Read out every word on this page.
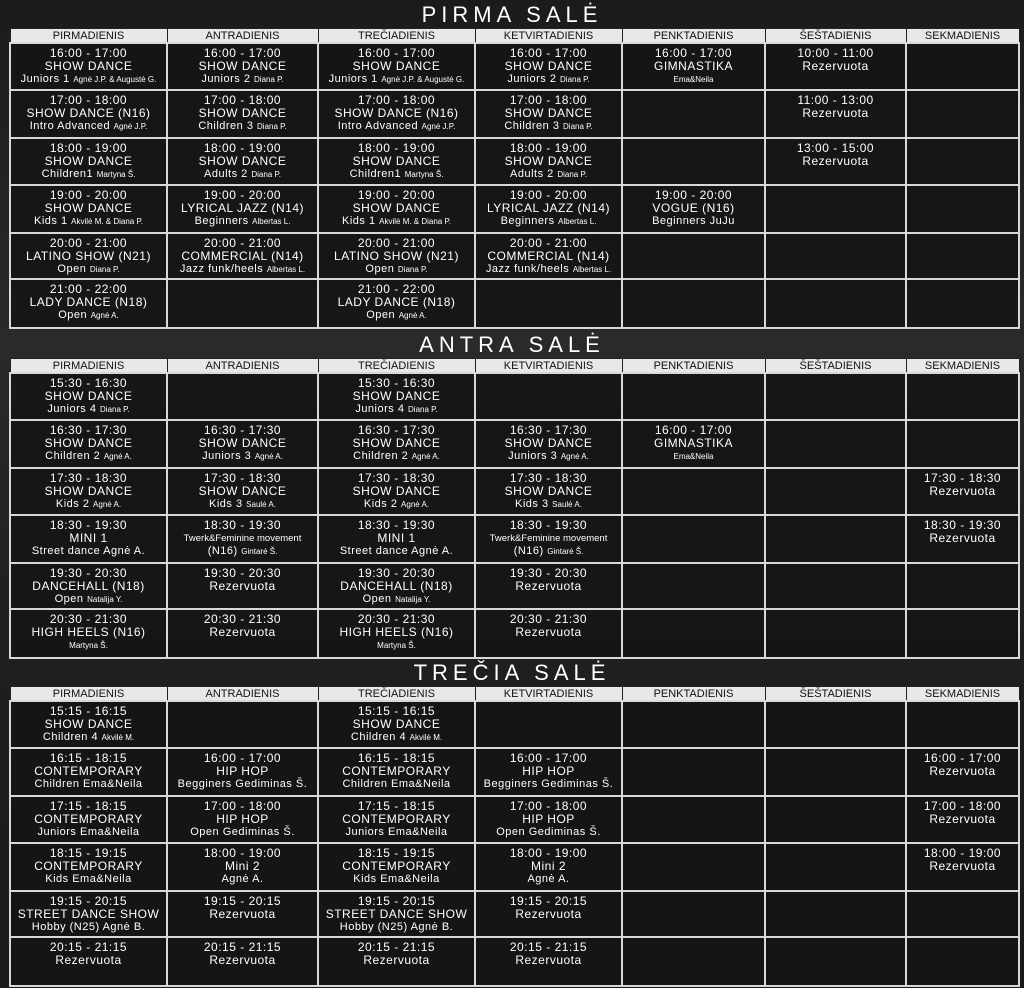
PIRMA SALĖ
PIRMADIENIS	ANTRADIENIS	TREČIADIENIS	KETVIRTADIENIS	PENKTADIENIS	ŠEŠTADIENIS	SEKMADIENIS

16:00 - 17:00
SHOW DANCE
Juniors 1 Agnė J.P. & Augustė G.	16:00 - 17:00
SHOW DANCE
Juniors 2 Diana P.	16:00 - 17:00
SHOW DANCE
Juniors 1 Agnė J.P. & Augustė G.	16:00 - 17:00
SHOW DANCE
Juniors 2 Diana P.	16:00 - 17:00
GIMNASTIKA
Ema&Neila	10:00 - 11:00
Rezervuota	

17:00 - 18:00
SHOW DANCE (N16)
Intro Advanced Agnė J.P.	17:00 - 18:00
SHOW DANCE
Children 3 Diana P.	17:00 - 18:00
SHOW DANCE (N16)
Intro Advanced Agnė J.P.	17:00 - 18:00
SHOW DANCE
Children 3 Diana P.		11:00 - 13:00
Rezervuota	

18:00 - 19:00
SHOW DANCE
Children1 Martyna Š.	18:00 - 19:00
SHOW DANCE
Adults 2 Diana P.	18:00 - 19:00
SHOW DANCE
Children1 Martyna Š.	18:00 - 19:00
SHOW DANCE
Adults 2 Diana P.		13:00 - 15:00
Rezervuota	

19:00 - 20:00
SHOW DANCE
Kids 1 Akvilė M. & Diana P.	19:00 - 20:00
LYRICAL JAZZ (N14)
Beginners Albertas L.	19:00 - 20:00
SHOW DANCE
Kids 1 Akvilė M. & Diana P.	19:00 - 20:00
LYRICAL JAZZ (N14)
Beginners Albertas L.	19:00 - 20:00
VOGUE (N16)
Beginners JuJu		

20:00 - 21:00
LATINO SHOW (N21)
Open Diana P.	20:00 - 21:00
COMMERCIAL (N14)
Jazz funk/heels Albertas L.	20:00 - 21:00
LATINO SHOW (N21)
Open Diana P.	20:00 - 21:00
COMMERCIAL (N14)
Jazz funk/heels Albertas L.			

21:00 - 22:00
LADY DANCE (N18)
Open Agnė A.		21:00 - 22:00
LADY DANCE (N18)
Open Agnė A.				

ANTRA SALĖ
PIRMADIENIS	ANTRADIENIS	TREČIADIENIS	KETVIRTADIENIS	PENKTADIENIS	ŠEŠTADIENIS	SEKMADIENIS

15:30 - 16:30
SHOW DANCE
Juniors 4 Diana P.		15:30 - 16:30
SHOW DANCE
Juniors 4 Diana P.				

16:30 - 17:30
SHOW DANCE
Children 2 Agnė A.	16:30 - 17:30
SHOW DANCE
Juniors 3 Agnė A.	16:30 - 17:30
SHOW DANCE
Children 2 Agnė A.	16:30 - 17:30
SHOW DANCE
Juniors 3 Agnė A.	16:00 - 17:00
GIMNASTIKA
Ema&Neila		

17:30 - 18:30
SHOW DANCE
Kids 2 Agnė A.	17:30 - 18:30
SHOW DANCE
Kids 3 Saulė A.	17:30 - 18:30
SHOW DANCE
Kids 2 Agnė A.	17:30 - 18:30
SHOW DANCE
Kids 3 Saulė A.			17:30 - 18:30
Rezervuota

18:30 - 19:30
MINI 1
Street dance Agnė A.	18:30 - 19:30
Twerk&Feminine movement
(N16) Gintarė Š.	18:30 - 19:30
MINI 1
Street dance Agnė A.	18:30 - 19:30
Twerk&Feminine movement
(N16) Gintarė Š.			18:30 - 19:30
Rezervuota

19:30 - 20:30
DANCEHALL (N18)
Open Natalija Y.	19:30 - 20:30
Rezervuota	19:30 - 20:30
DANCEHALL (N18)
Open Natalija Y.	19:30 - 20:30
Rezervuota			

20:30 - 21:30
HIGH HEELS (N16)
Martyna Š.	20:30 - 21:30
Rezervuota	20:30 - 21:30
HIGH HEELS (N16)
Martyna Š.	20:30 - 21:30
Rezervuota			

TREČIA SALĖ
PIRMADIENIS	ANTRADIENIS	TREČIADIENIS	KETVIRTADIENIS	PENKTADIENIS	ŠEŠTADIENIS	SEKMADIENIS

15:15 - 16:15
SHOW DANCE
Children 4 Akvilė M.		15:15 - 16:15
SHOW DANCE
Children 4 Akvilė M.				

16:15 - 18:15
CONTEMPORARY
Children Ema&Neila	16:00 - 17:00
HIP HOP
Begginers Gediminas Š.	16:15 - 18:15
CONTEMPORARY
Children Ema&Neila	16:00 - 17:00
HIP HOP
Begginers Gediminas Š.			16:00 - 17:00
Rezervuota

17:15 - 18:15
CONTEMPORARY
Juniors Ema&Neila	17:00 - 18:00
HIP HOP
Open Gediminas Š.	17:15 - 18:15
CONTEMPORARY
Juniors Ema&Neila	17:00 - 18:00
HIP HOP
Open Gediminas Š.			17:00 - 18:00
Rezervuota

18:15 - 19:15
CONTEMPORARY
Kids Ema&Neila	18:00 - 19:00
Mini 2
Agnė A.	18:15 - 19:15
CONTEMPORARY
Kids Ema&Neila	18:00 - 19:00
Mini 2
Agnė A.			18:00 - 19:00
Rezervuota

19:15 - 20:15
STREET DANCE SHOW
Hobby (N25) Agnė B.	19:15 - 20:15
Rezervuota	19:15 - 20:15
STREET DANCE SHOW
Hobby (N25) Agnė B.	19:15 - 20:15
Rezervuota			

20:15 - 21:15
Rezervuota	20:15 - 21:15
Rezervuota	20:15 - 21:15
Rezervuota	20:15 - 21:15
Rezervuota			
